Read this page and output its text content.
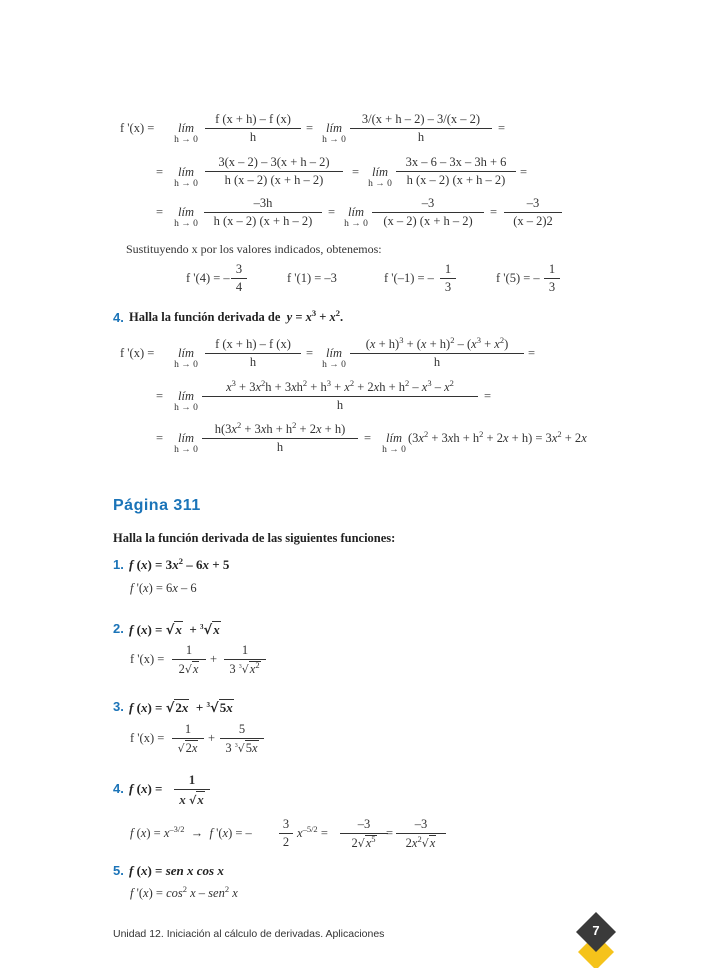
f '(x) =	lím
$h \to 0 \frac{f (x + h) - f (x)}{h}$ =	lím
$h \to 0 \frac{3/(x + h - 2) - 3/(x - 2)}{h}$ =
=	lím
$h \to 0 \frac{3(x - 2) - 3(x + h - 2)}{h (x - 2) (x + h - 2)}$ =	lím
$h \to 0 \frac{3x - 6 - 3x - 3h + 6}{h (x - 2) (x + h - 2)}$ =
=	lím
$h \to 0 \frac{-3h}{h (x - 2) (x + h - 2)}$ =	lím
$h \to 0 \frac{-3}{(x - 2) (x + h - 2)} = \frac{-3}{(x - 2)2}$
Sustituyendo x por los valores indicados, obtenemos:
f '(4) = – $\frac{3}{4}$	f '(1) = –3	f '(–1) = – $\frac{1}{3}$	f '(5) = – $\frac{1}{3}$
4. Halla la función derivada de  $y = x^3 + x^2$.
f '(x) =	lím
$h \to 0 \frac{f (x + h) - f (x)}{h}$ =	lím
$h \to 0 \frac{(x + h)^3 + (x + h)^2 - (x^3 + x^2)}{h}$ =
=	lím
$h \to 0 \frac{x^3 + 3x^2h + 3xh^2 + h^3 + x^2 + 2xh + h^2 - x^3 - x^2}{h}$ =
=	lím
$h \to 0 \frac{h(3x^2 + 3xh + h^2 + 2x + h)}{h}$ =	lím
h → 0
$(3x^2 + 3xh + h^2 + 2x + h) = 3x^2 + 2x$
Página 311
Halla la función derivada de las siguientes funciones:
1. f $(x) = 3x^2 - 6x + 5$
f '(x) = 6x – 6
2. f (x) = √x  + $^3$√x
f '$(x) = \frac{1}{2√x} + \frac{1}{3 ^3√x^2}$
3. f (x) = √2x  + $^3$√5x
f '$(x) = \frac{1}{√2x} + \frac{5}{3 ^3√5x}$
4. f $(x) = \frac{1}{x √x}$
f $(x) = x^{-3/2} \to f$ '(x) = – $\frac{3}{2} x^{-5/2} = \frac{-3}{2√x^5}$
= $\frac{-3}{2x^2√x}$
5. f (x) = sen x cos x
f '$(x) = \cos^2 x - sen^2$ x
Unidad 12. Iniciación al cálculo de derivadas. Aplicaciones	7
